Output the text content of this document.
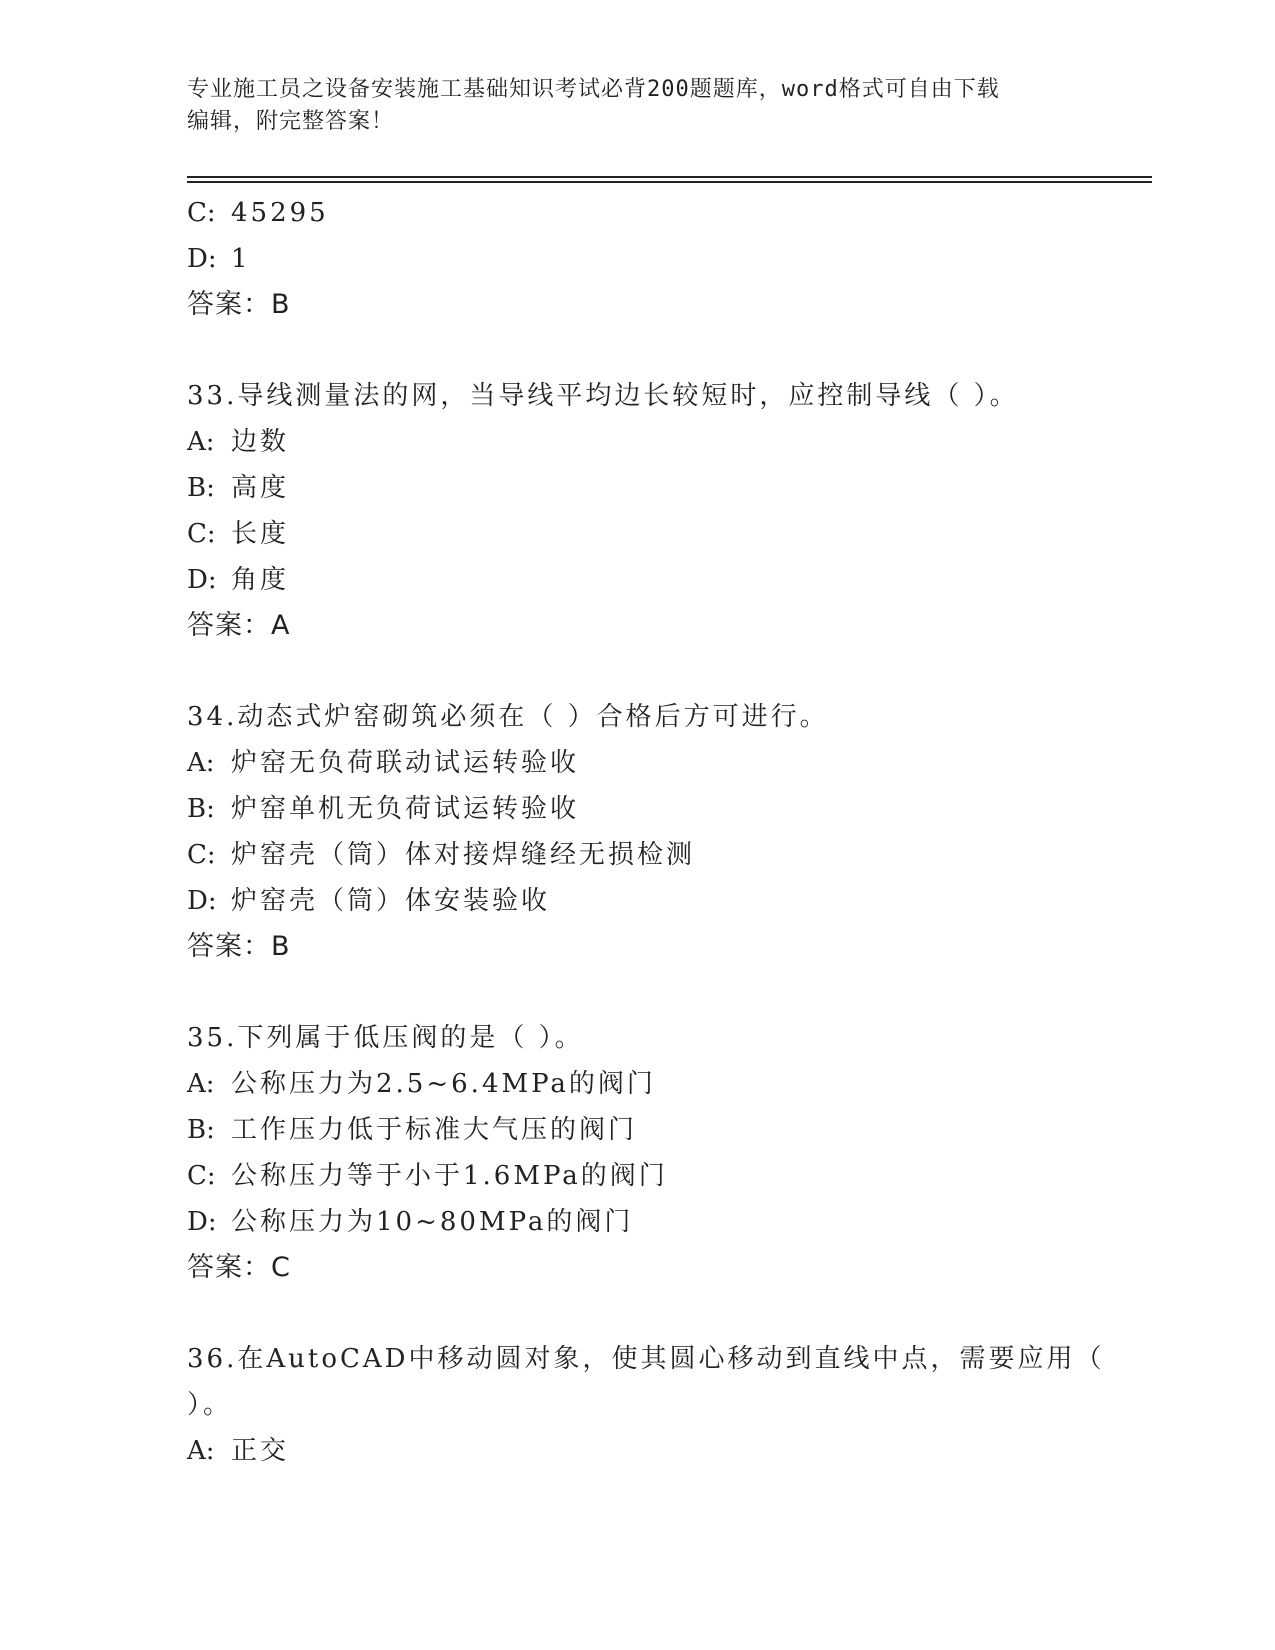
专业施工员之设备安装施工基础知识考试必背200题题库，word格式可自由下载
编辑，附完整答案！
C: 45295
D: 1
答案：B
33.导线测量法的网，当导线平均边长较短时，应控制导线（ ）。
A: 边数
B: 高度
C: 长度
D: 角度
答案：A
34.动态式炉窑砌筑必须在（ ）合格后方可进行。
A: 炉窑无负荷联动试运转验收
B: 炉窑单机无负荷试运转验收
C: 炉窑壳（筒）体对接焊缝经无损检测
D: 炉窑壳（筒）体安装验收
答案：B
35.下列属于低压阀的是（ ）。
A: 公称压力为2.5~6.4MPa的阀门
B: 工作压力低于标准大气压的阀门
C: 公称压力等于小于1.6MPa的阀门
D: 公称压力为10~80MPa的阀门
答案：C
36.在AutoCAD中移动圆对象，使其圆心移动到直线中点，需要应用（
）。
A: 正交
